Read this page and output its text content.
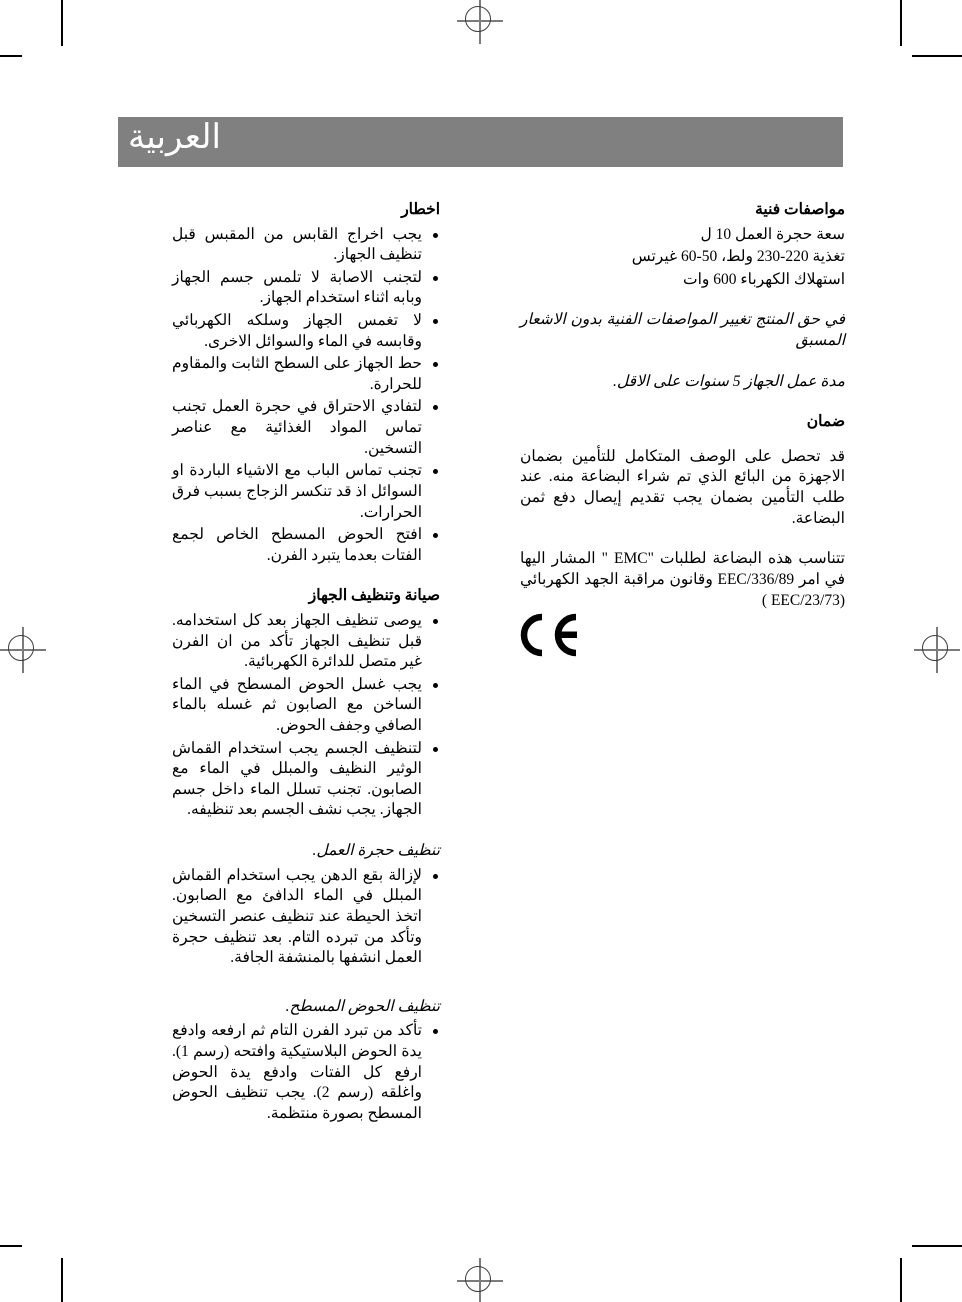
العربية
اخطار
يجب اخراج القابس من المقبس قبل تنظيف الجهاز.
لتجنب الاصابة لا تلمس جسم الجهاز وبابه اثناء استخدام الجهاز.
لا تغمس الجهاز وسلكه الكهربائي وقابسه في الماء والسوائل الاخرى.
حط الجهاز على السطح الثابت والمقاوم للحرارة.
لتفادي الاحتراق في حجرة العمل تجنب تماس المواد الغذائية مع عناصر التسخين.
تجنب تماس الباب مع الاشياء الباردة او السوائل اذ قد تنكسر الزجاج بسبب فرق الحرارات.
افتح الحوض المسطح الخاص لجمع الفتات بعدما يتبرد الفرن.
صيانة وتنظيف الجهاز
يوصى تنظيف الجهاز بعد كل استخدامه. قبل تنظيف الجهاز تأكد من ان الفرن غير متصل للدائرة الكهربائية.
يجب غسل الحوض المسطح في الماء الساخن مع الصابون ثم غسله بالماء الصافي وجفف الحوض.
لتنظيف الجسم يجب استخدام القماش الوثير النظيف والمبلل في الماء مع الصابون. تجنب تسلل الماء داخل جسم الجهاز. يجب نشف الجسم بعد تنظيفه.
تنظيف حجرة العمل.
لإزالة بقع الدهن يجب استخدام القماش المبلل في الماء الدافئ مع الصابون. اتخذ الحيطة عند تنظيف عنصر التسخين وتأكد من تبرده التام. بعد تنظيف حجرة العمل انشفها بالمنشفة الجافة.
تنظيف الحوض المسطح.
تأكد من تبرد الفرن التام ثم ارفعه وادفع يدة الحوض البلاستيكية وافتحه (رسم 1). ارفع كل الفتات وادفع يدة الحوض واغلقه (رسم 2). يجب تنظيف الحوض المسطح بصورة منتظمة.
مواصفات فنية
سعة حجرة العمل 10 ل
تغذية 220-230 ولط، 50-60 غيرتس
استهلاك الكهرباء 600 وات
في حق المنتج تغيير المواصفات الفنية بدون الاشعار المسبق
مدة عمل الجهاز 5 سنوات على الاقل.
ضمان
قد تحصل على الوصف المتكامل للتأمين بضمان الاجهزة من البائع الذي تم شراء البضاعة منه. عند طلب التأمين بضمان يجب تقديم إيصال دفع ثمن البضاعة.
تتناسب هذه البضاعة لطلبات "EMC " المشار اليها في امر EEC/336/89 وقانون مراقبة الجهد الكهربائي (EEC/23/73 )
